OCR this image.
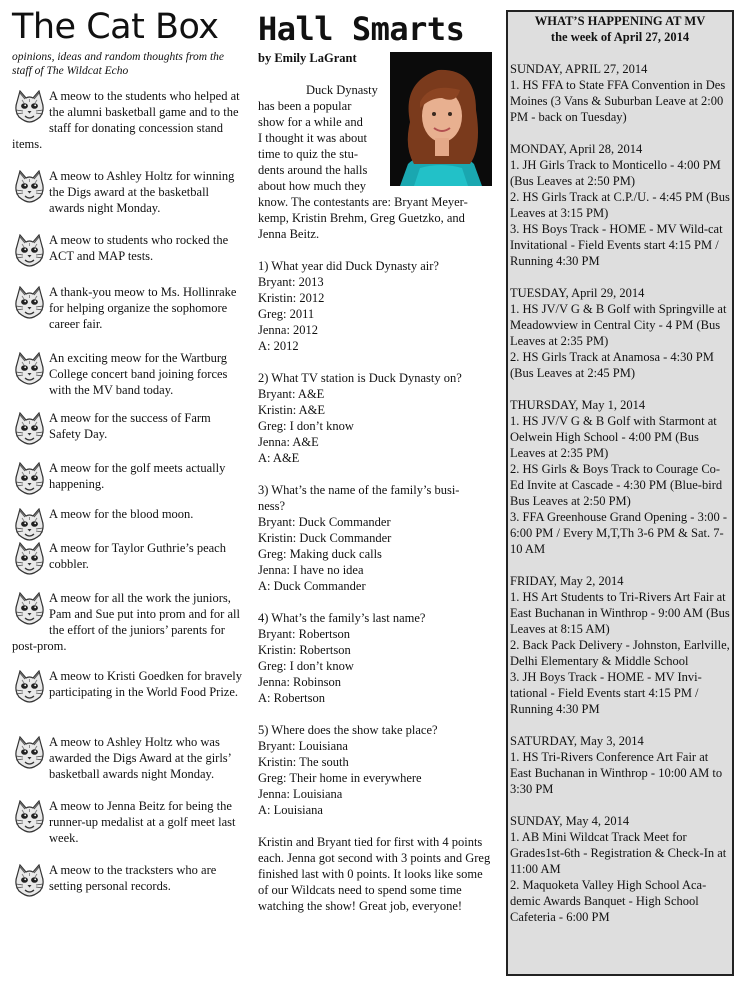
The Cat Box
opinions, ideas and random thoughts from the staff of The Wildcat Echo
A meow to the students who helped at the alumni basketball game and to the staff for donating concession stand items.
A meow to Ashley Holtz for winning the Digs award at the basketball awards night Monday.
A meow to students who rocked the ACT and MAP tests.
A thank-you meow to Ms. Hollinrake for helping organize the sophomore career fair.
An exciting meow for the Wartburg College concert band joining forces with the MV band today.
A meow for the success of Farm Safety Day.
A meow for the golf meets actually happening.
A meow for the blood moon.
A meow for Taylor Guthrie’s peach cobbler.
A meow for all the work the juniors, Pam and Sue put into prom and for all the effort of the juniors’ parents for post-prom.
A meow to Kristi Goedken for bravely participating in the World Food Prize.
A meow to Ashley Holtz who was awarded the Digs Award at the girls’ basketball awards night Monday.
A meow to Jenna Beitz for being the runner-up medalist at a golf meet last week.
A meow to the tracksters who are setting personal records.
Hall Smarts
by Emily LaGrant
Duck Dynasty
has been a popular
show for a while and
I thought it was about
time to quiz the stu-
dents around the halls
about how much they

know. The contestants are: Bryant Meyer-kemp, Kristin Brehm, Greg Guetzko, and Jenna Beitz.

1) What year did Duck Dynasty air?
Bryant: 2013
Kristin: 2012
Greg: 2011
Jenna: 2012
A: 2012
2) What TV station is Duck Dynasty on?
Bryant: A&E
Kristin: A&E
Greg: I don’t know
Jenna: A&E
A: A&E
3) What’s the name of the family’s busi-
ness?
Bryant: Duck Commander
Kristin: Duck Commander
Greg: Making duck calls
Jenna: I have no idea
A: Duck Commander
4) What’s the family’s last name?
Bryant: Robertson
Kristin: Robertson
Greg: I don’t know
Jenna: Robinson
A: Robertson
5) Where does the show take place?
Bryant: Louisiana
Kristin: The south
Greg: Their home in everywhere
Jenna: Louisiana
A: Louisiana

Kristin and Bryant tied for first with 4 points each. Jenna got second with 3 points and Greg finished last with 0 points. It looks like some of our Wildcats need to spend some time watching the show! Great job, everyone!

WHAT’S HAPPENING AT MV
the week of April 27, 2014
SUNDAY, APRIL 27, 2014
1. HS FFA to State FFA Convention in Des Moines (3 Vans & Suburban Leave at 2:00 PM - back on Tuesday)
MONDAY, April 28, 2014
1. JH Girls Track to Monticello - 4:00 PM (Bus Leaves at 2:50 PM)
2. HS Girls Track at C.P./U. - 4:45 PM (Bus Leaves at 3:15 PM)
3. HS Boys Track - HOME - MV Wild-cat Invitational - Field Events start 4:15 PM / Running 4:30 PM
TUESDAY, April 29, 2014
1. HS JV/V G & B Golf with Springville at Meadowview in Central City - 4 PM (Bus Leaves at 2:35 PM)
2. HS Girls Track at Anamosa - 4:30 PM (Bus Leaves at 2:45 PM)
THURSDAY, May 1, 2014
1. HS JV/V G & B Golf with Starmont at Oelwein High School - 4:00 PM (Bus Leaves at 2:35 PM)
2. HS Girls & Boys Track to Courage Co-Ed Invite at Cascade - 4:30 PM (Blue-bird Bus Leaves at 2:50 PM)
3. FFA Greenhouse Grand Opening - 3:00 - 6:00 PM / Every M,T,Th 3-6 PM & Sat. 7-10 AM
FRIDAY, May 2, 2014
1. HS Art Students to Tri-Rivers Art Fair at East Buchanan in Winthrop - 9:00 AM (Bus Leaves at 8:15 AM)
2. Back Pack Delivery - Johnston, Earlville, Delhi Elementary & Middle School
3. JH Boys Track - HOME - MV Invi-tational - Field Events start 4:15 PM / Running 4:30 PM
SATURDAY, May 3, 2014
1. HS Tri-Rivers Conference Art Fair at East Buchanan in Winthrop - 10:00 AM to 3:30 PM
SUNDAY, May 4, 2014
1. AB Mini Wildcat Track Meet for Grades1st-6th - Registration & Check-In at 11:00 AM
2. Maquoketa Valley High School Aca-demic Awards Banquet - High School Cafeteria - 6:00 PM
